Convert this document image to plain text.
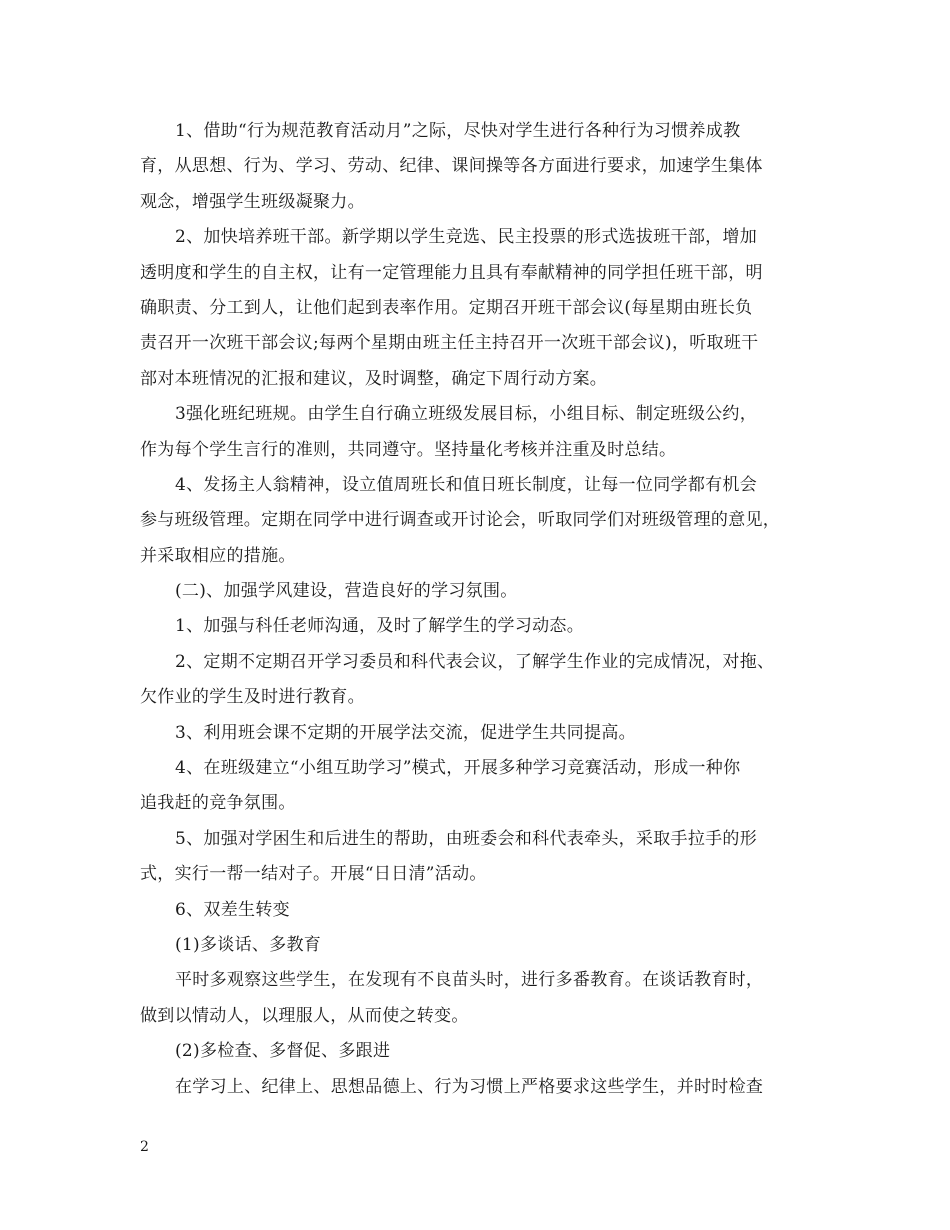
1、借助“行为规范教育活动月”之际，尽快对学生进行各种行为习惯养成教
育，从思想、行为、学习、劳动、纪律、课间操等各方面进行要求，加速学生集体
观念，增强学生班级凝聚力。
2、加快培养班干部。新学期以学生竞选、民主投票的形式选拔班干部，增加
透明度和学生的自主权，让有一定管理能力且具有奉献精神的同学担任班干部，明
确职责、分工到人，让他们起到表率作用。定期召开班干部会议(每星期由班长负
责召开一次班干部会议;每两个星期由班主任主持召开一次班干部会议)，听取班干
部对本班情况的汇报和建议，及时调整，确定下周行动方案。
3强化班纪班规。由学生自行确立班级发展目标，小组目标、制定班级公约，
作为每个学生言行的准则，共同遵守。坚持量化考核并注重及时总结。
4、发扬主人翁精神，设立值周班长和值日班长制度，让每一位同学都有机会
参与班级管理。定期在同学中进行调查或开讨论会，听取同学们对班级管理的意见，
并采取相应的措施。
(二)、加强学风建设，营造良好的学习氛围。
1、加强与科任老师沟通，及时了解学生的学习动态。
2、定期不定期召开学习委员和科代表会议，了解学生作业的完成情况，对拖、
欠作业的学生及时进行教育。
3、利用班会课不定期的开展学法交流，促进学生共同提高。
4、在班级建立“小组互助学习”模式，开展多种学习竞赛活动，形成一种你
追我赶的竞争氛围。
5、加强对学困生和后进生的帮助，由班委会和科代表牵头，采取手拉手的形
式，实行一帮一结对子。开展“日日清”活动。
6、双差生转变
(1)多谈话、多教育
平时多观察这些学生，在发现有不良苗头时，进行多番教育。在谈话教育时，
做到以情动人，以理服人，从而使之转变。
(2)多检查、多督促、多跟进
在学习上、纪律上、思想品德上、行为习惯上严格要求这些学生，并时时检查
2
